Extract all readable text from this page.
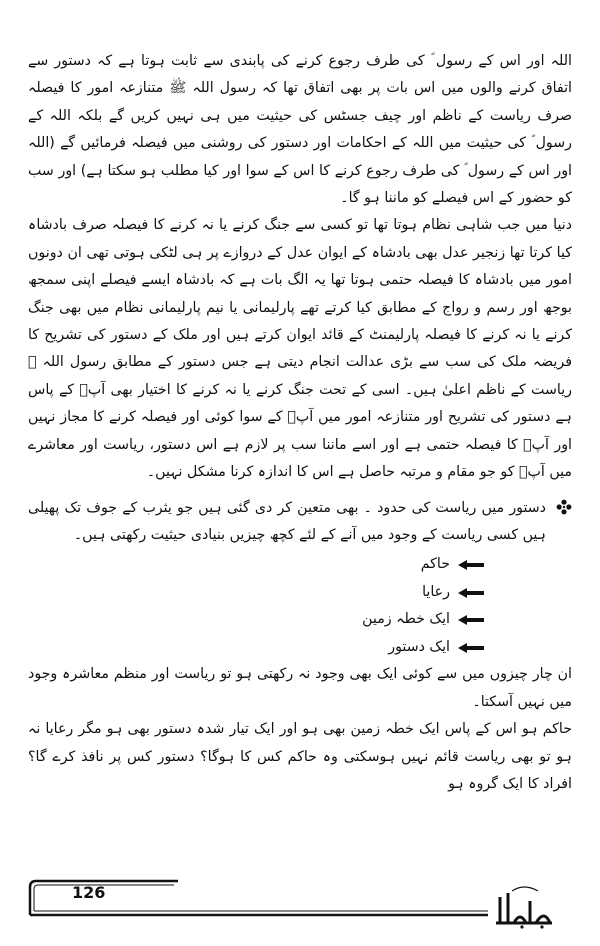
اللہ اور اس کے رسول ؐ کی طرف رجوع کرنے کی پابندی سے ثابت ہوتا ہے کہ دستور سے اتفاق کرنے والوں میں اس بات پر بھی اتفاق تھا کہ رسول اللہ ﷺ متنازعہ امور کا فیصلہ صرف ریاست کے ناظم اور چیف جسٹس کی حیثیت میں ہی نہیں کریں گے بلکہ اللہ کے رسول ؐ کی حیثیت میں اللہ کے احکامات اور دستور کی روشنی میں فیصلہ فرمائیں گے (اللہ اور اس کے رسول ؐ کی طرف رجوع کرنے کا اس کے سوا اور کیا مطلب ہو سکتا ہے) اور سب کو حضور کے اس فیصلے کو ماننا ہو گا۔

دنیا میں جب شاہی نظام ہوتا تھا تو کسی سے جنگ کرنے یا نہ کرنے کا فیصلہ صرف بادشاہ کیا کرتا تھا زنجیر عدل بھی بادشاہ کے ایوان عدل کے دروازے پر ہی لٹکی ہوتی تھی ان دونوں امور میں بادشاہ کا فیصلہ حتمی ہوتا تھا یہ الگ بات ہے کہ بادشاہ ایسے فیصلے اپنی سمجھ بوجھ اور رسم و رواج کے مطابق کیا کرتے تھے پارلیمانی یا نیم پارلیمانی نظام میں بھی جنگ کرنے یا نہ کرنے کا فیصلہ پارلیمنٹ کے قائد ایوان کرتے ہیں اور ملک کے دستور کی تشریح کا فریضہ ملک کی سب سے بڑی عدالت انجام دیتی ہے جس دستور کے مطابق رسول اللہ ﷺ ریاست کے ناظم اعلیٰ ہیں۔ اسی کے تحت جنگ کرنے یا نہ کرنے کا اختیار بھی آپؐ کے پاس ہے دستور کی تشریح اور متنازعہ امور میں آپؐ کے سوا کوئی اور فیصلہ کرنے کا مجاز نہیں اور آپؐ کا فیصلہ حتمی ہے اور اسے ماننا سب پر لازم ہے اس دستور، ریاست اور معاشرے میں آپؐ کو جو مقام و مرتبہ حاصل ہے اس کا اندازہ کرنا مشکل نہیں۔

دستور میں ریاست کی حدود ۔ بھی متعین کر دی گئی ہیں جو یثرب کے جوف تک پھیلی ہیں کسی ریاست کے وجود میں آنے کے لئے کچھ چیزیں بنیادی حیثیت رکھتی ہیں۔
حاکم
رعایا
ایک خطہ زمین
ایک دستور

ان چار چیزوں میں سے کوئی ایک بھی وجود نہ رکھتی ہو تو ریاست اور منظم معاشرہ وجود میں نہیں آسکتا۔

حاکم ہو اس کے پاس ایک خطہ زمین بھی ہو اور ایک تیار شدہ دستور بھی ہو مگر رعایا نہ ہو تو بھی ریاست قائم نہیں ہوسکتی وہ حاکم کس کا ہوگا؟ دستور کس پر نافذ کرے گا؟ افراد کا ایک گروہ ہو

126
